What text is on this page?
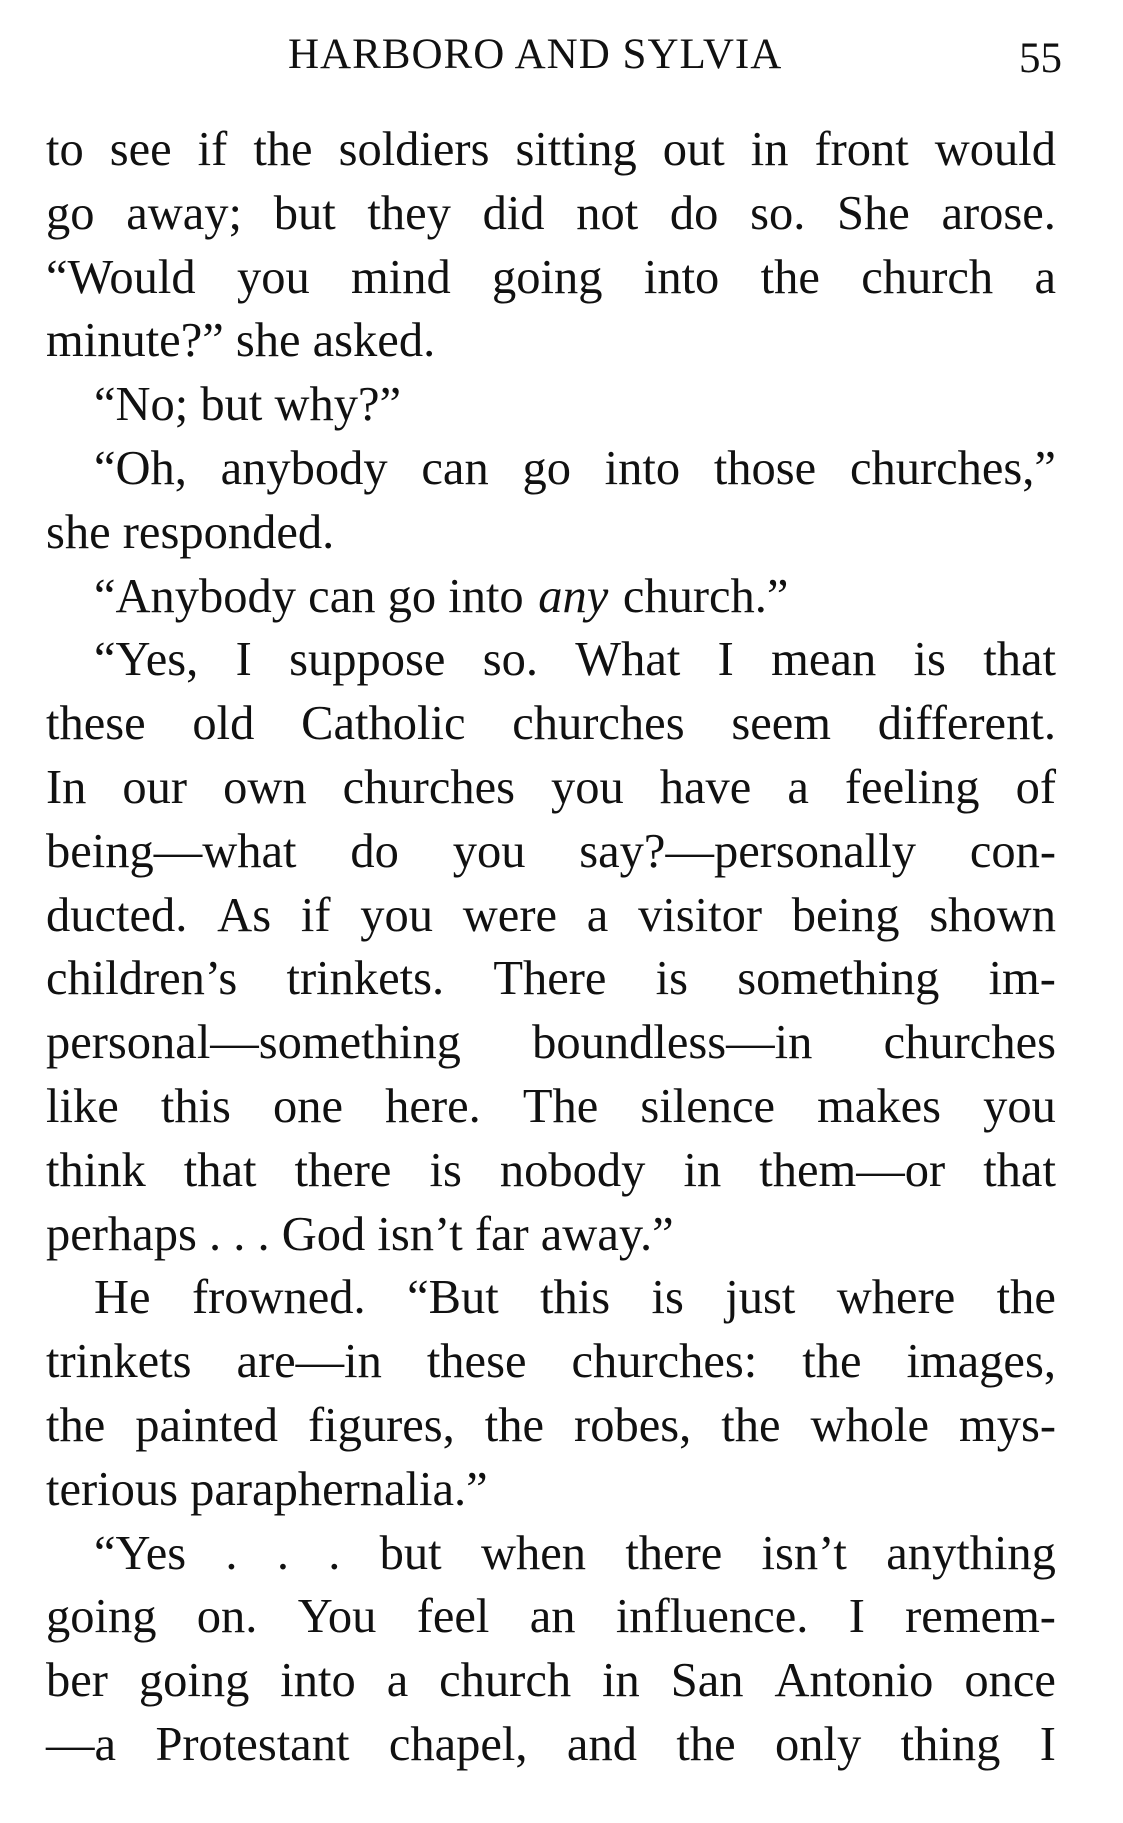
HARBORO AND SYLVIA	55
to see if the soldiers sitting out in front would
go away; but they did not do so. She arose.
“Would you mind going into the church a
minute?” she asked.
“No; but why?”
“Oh, anybody can go into those churches,”
she responded.
“Anybody can go into any church.”
“Yes, I suppose so. What I mean is that
these old Catholic churches seem different.
In our own churches you have a feeling of
being—what do you say?—personally con-
ducted. As if you were a visitor being shown
children’s trinkets. There is something im-
personal—something boundless—in churches
like this one here. The silence makes you
think that there is nobody in them—or that
perhaps . . . God isn’t far away.”
He frowned. “But this is just where the
trinkets are—in these churches: the images,
the painted figures, the robes, the whole mys-
terious paraphernalia.”
“Yes . . . but when there isn’t anything
going on. You feel an influence. I remem-
ber going into a church in San Antonio once
—a Protestant chapel, and the only thing I
